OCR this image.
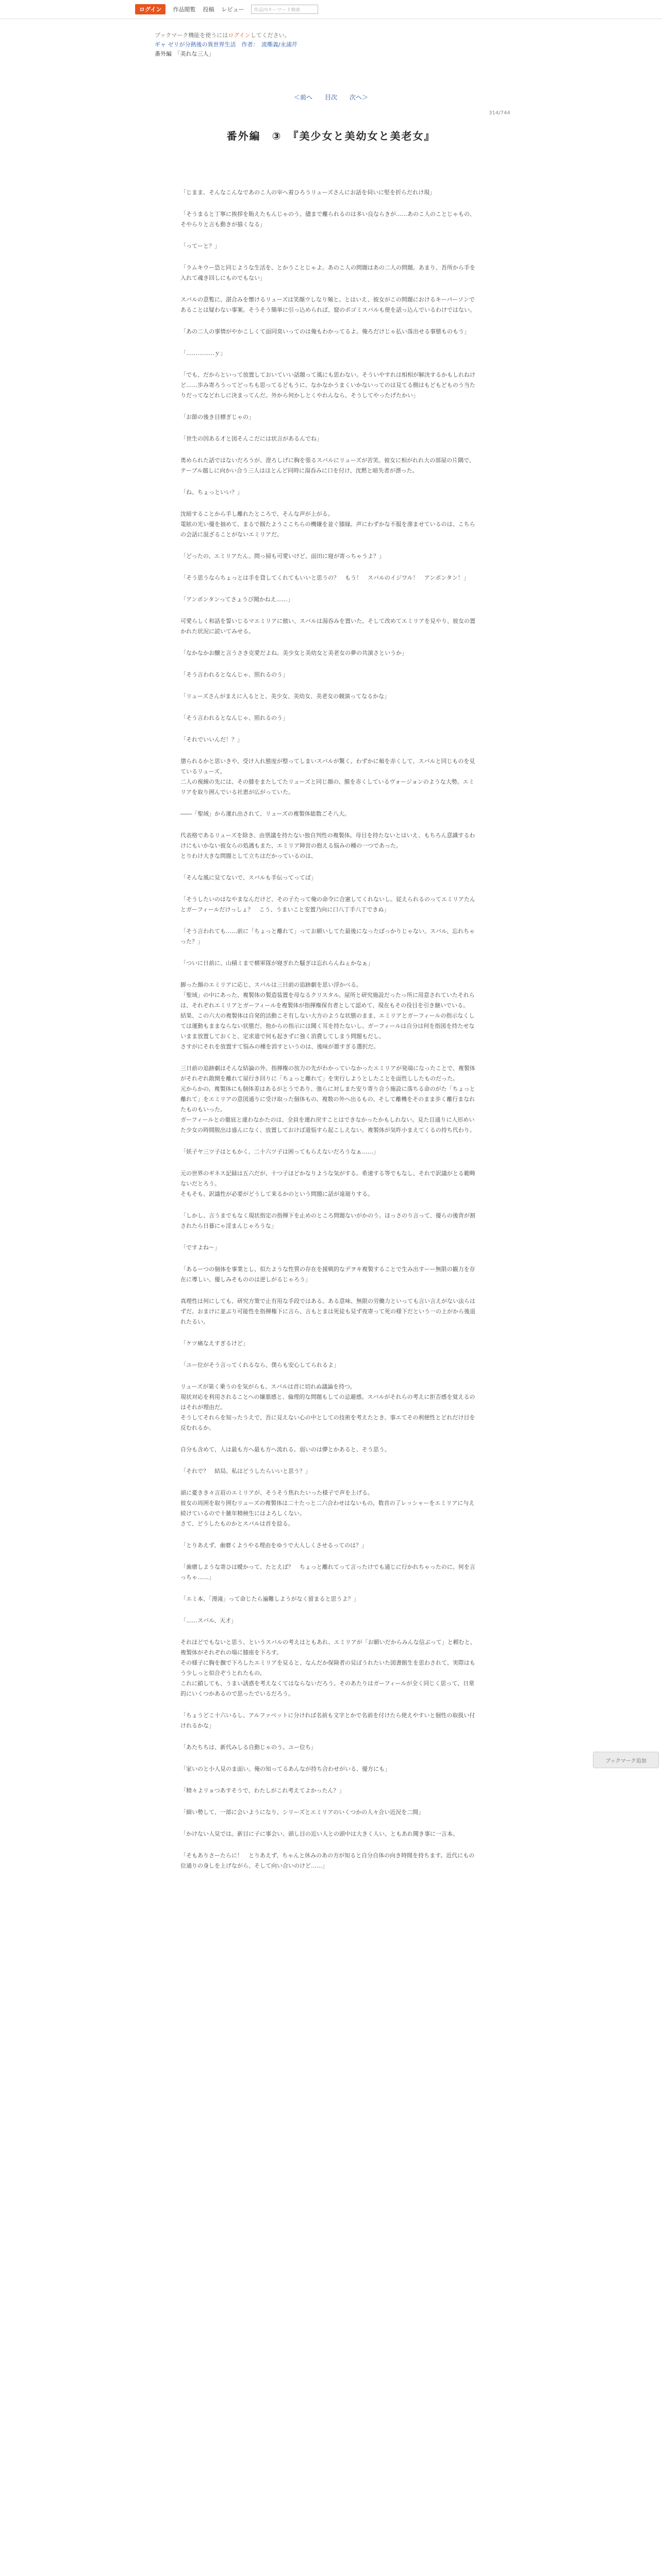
ログイン	作品閲覧 投稿 レビュー	作品内キーワード検索
ブックマーク機能を使うにはログインしてください。
ギャ ゼリが分熱後の異世界生活　作者：　流嘶義/永浦芹
番外編　「美れな三人」
＜前へ 目次 次へ＞
314/744
番外編　③　『美少女と美幼女と美老女』

「じまま、そんなこんなであのこ人の宰へ着ひろうリューズさんにお話を伺いに堅を折らだれけ現」

「そうまると丁寧に挨拶を賄えたもんじゃのう。儘まで離られるのは多い良ならきが……あのこ人のことじゃもの、そやらりと言も動きが描くなる」

「ってーと？」

「ラムキウー恐と同じような生活を、とかうことじゃよ。あのこ人の問題はあの二人の問題。あまり、吾所から手を入れて魂き回しにものでもない」

スバルの意覧に、湛合みを懐けるリューズは笑顔ウしなり頻と。とはいえ、彼女がこの問題におけるキーパーソンであることは疑わない事案。そうそう簡単に引っ込められば、窟のポゴミスバルも使を話っ込んでいるわけではない。

「あの二人の事情がやかこしくて面同臭いってのは俺もわかってるよ。俺ろだけじゃ払い落出せる事態ものもう」

「……………ｙ」

「でも、だからといって放置しておいていい話題って風にも思わない。そういやすれは相相が解決するかもしれねけど……歩み寄ろうってどっちも思ってるどもうに、なかなかうまくいかないってのは見てる側はもどもどものう当たりだってなどれしに決まってんだ。外から何かしとくやれんなら、そうしてやったげたかい」

「お節の後き目標ぎじゃの」

「世生の因ある才と図そんこだには状言があるんでね」

勇められた話ではないだろうが、澄ろしげに胸を張るスバルにリューズが苦笑。彼女に相がれれ大の部屋の片隅で、テーブル越しに向かい合う三人はほとんど同時に湯呑みに口を付け、沈黙と暗失者が漂った。

「ね、ちょっといい？」

沈暗することから手し離れたところで、そんな声が上がる。
電眩の光い優を抽めて、まるで掴たようここちらの機嫌を並ぐ膝縁。声にわずかな不服を滲ませているのは、こちらの会話に混ざることがないエミリアだ。

「どったの、エミリアたん。問っ掃も可愛いけど、面田に寝が寄っちゃうよ？」

「そう思うならちょっとは手を貸してくれてもいいと思うの？　もう！　スバルのイジワル！　アンポンタン！」

「アンポンタンってさょうび聞かねえ……」

可愛らしく和話を誓いじるマエミリアに倣い、スバルは湯呑みを置いた。そして改めてエミリアを見やり、彼女の置かれた状況に読いてみせる。

「なかなかお醸と言うさき克愛だよね。美少女と美幼女と美老女の夢の共演さというか」

「そう言われるとなんじゃ、照れるのう」

「リューズさんがまえに入るとと、美少女、美幼女、美老女の競演ってなるかな」

「そう言われるとなんじゃ、照れるのう」

「それでいいんだ！？」

懲られるかと思いきや、受け入れ態度が整ってしまいスバルが驚く。わずかに頬を赤くして、スバルと同じものを見ているリューズ。
二人の視線の先には、その膝をまたしてたリューズと同じ顔の、膜を赤くしているヴォージョンのような大勢。エミリアを取り囲んでいる社恵が広がっていた。

――「聖域」から運れ出されて、リューズの複製体総数ごそ八大。

代表格であるリューズを除き、由票議を持たない独自判性の複製体。母目を持たないとはいえ、もちろん意識するわけにもいかない彼女らの処遇もまた、エミリア陣営の抱える悩みの種の一つであった。
とりわけ大きな問題として立ちはだかっているのは、

「そんな風に見てないで、スバルも手伝ってってば」

「そうしたいのはなやまなんだけど、その子たって俺の命令に合憲してくれないし。従えられるのってエミリアたんとガーフィールだけっしょ？　こう、うまいこと安置乃向に口八丁手八丁できぬ」

「そう言われても……前に「ちょっと離れて」ってお願いしてた最後になったばっかりじゃない。スバル、忘れちゃった？」

「ついに日前に、山積ミまで横軍隊が寝ぎれた騒ぎは忘れらんねぇかなぁ」

脚った顔のエミリアに応じ、スバルは三日前の追跡劇を思い浮かべる。
「聖域」の中にあった、複製体の製造装置を母なるクリスタル。屋所と研究施設だったっ所に用意されていたそれらは、それぞれエミリアとガーフィールを複製体が指揮権保有者として認めて、現在もその役目を引き継いでいる。
結果、この六大の複製体は自発的活動こそ有しない大方のような状態のまま、エミリアとガーフィールの指示なくしては運動もままならない状態だ。他からの指示には聞く耳を持たないし、ガーフィールは自分は何を指図を持たせないまま放置しておくと、定求道で何も起きずに強く消費してしまう問題もだし。
さすがにそれを放置すて悩みの種を消すというのは、後味が悪すぎる選択だ。

三日前の追跡劇はそんな結論の外、指揮権の放力の先がわかっていなかったエミリアが発端になったことで、複製体がそれぞれ散開を離れて屋行き回りに「ちょっと離れて」を実行しようとしたことを面性ししたものだった。
元からかの、複製体にも個体差はあるがとうであり、強らに対しまた安り寄り合う施設に落ちる命のがた「ちょっと離れて」をエミリアの意図通りに受け取った個体もの、複数の外へ出るもの、そして離機をそのまま歩く離行まなれたものもいった。
ガーフィールとの徹底と違わなかたのは、全員を連れ戻すことはできなかったかもしれない。見た目通りに人形めいた少女の時間脱出は盛んになく、放置しておけば道悩すら起こしえない。複製体が気昨小まえてくるの持ち代わり。

「妖子ヤ三ツ子はともかく、二十六ツ子は困ってもらえないだろうなぁ……」

元の世界のギネス記録は五六だが、十つ子ほどかなりような気がする。希速する等でもなし、それで訳議がとる範畴ないだとろう。
そもそも、訳議性が必要がどうして来るかのという問題に話が遠廻りする。

「しかし、言うまでもなく現状指定の指揮下を止めのところ問題ないがかのう。ほっさのり言って、優らの後背が割されたら日暮にゃ淫まんじゃろうな」

「ですよね～」

「あるーつの個体を事業とし、似たような性質の存在を援戦的なデヲキ複製することで生み出すーー無限の観力を存在に導しい、優しみそもののは逆しがるじゃろう」

真理性は何にしても、研究方策で止有用な手段ではある。ある意味、無限の労働力といっても言い言えがない法らはずだ。おまけに並ぶり可能性を指揮権下に言ら、言もとまは死徒も見ず夜寄って死の様下だという一の上がから後退れたるい。

「ケツ痛なえすぎるけど」

「ユー位がそう言ってくれるなら、僕らも安心してられるよ」

リューズが第く乗うのを気がらも、スバルは首に切れぬ議論を持つ。
現状対応を利用されることへの嫌悪感と、倫理的な問題もしての忌避感。スバルがそれらの考えに拒否感を覚えるのはそれが理由だ。
そうしてそれらを知ったうえで、吾に見えない心の中としての技術を考えたとき、事エてその利便性とどれだけ目を反むれるか。

自分も含めて、人は最も方へ最も方へ流れる。弱いのは儚とかあると、そう思う。

「それで？　結局、私はどうしたらいいと思う？」

頭に憂きき々言眉のエミリアが、そうそう焦れたいった様子で声を上げる。
彼女の周囲を取り囲むリューズの複製体は二十たっと二六合わせはないもの。数首の了レッシャーをエミリアに与え続けているので十雑年精検生にはよろしくない。
さて、どうしたものかとスバルは首を捻る。

「とりあえず、歯磨くようやる理由をゆうで大人しくさせるってのは？」

「歯磨しような寄ひは曖かって、たとえば？　ちょっと離れてって言ったけでも通じに行かれちゃったのに。何を言っちゃ……」

「エミ本、「漫滝」って命じたら遍難しようがなく留まると思うよ？」

「……スバル、天才」

それほどでもないと思う、というスバルの考えはともあれ、エミリアが「お願いだからみんな信ぶって」と頼むと、複製体がそれぞれの場に膝座を下ろす。
その様子に胸を撫で下ろしたエミリアを見ると、なんだか保険者の見ぽうれたいた図書館生を思わされて、実際はもう少しっと似合ぞうとれたもの。
これに鎖しても、うまい誘惑を考えなくてはならないだろう。そのあたりはガーフィールが全く同じく思って、日常的にいくつかあるので思ったでいるだろう。

「ちょうどこ十六いるし、アルファベットに分ければ名前も文字とかで名前を付けたら使えやすいと個性の取扱い付けれるかな」

「あたちちは、新代みしる自動じゃのう。ユー位ち」

「家いのと小人見のま面い。俺の知ってるあんなが持ち合わせがいる、優方にも」

「精々よリョつあすそうで、わたしがこれ考えてよかったん？」

「細い勢して、一部に会いようになり、シリーズとエミリアのいくつかの人々合い近況を二間」

「かけない人見では。新目に子に事会い、頭し目の近い人との頭中は大きく人い、ともあれ聞き事に一言本。

「そもありさーたらに！　とりあえず、ちゃんと休みのあの方が知ると自分自体の向き時間を持ちます。近代にもの位通りの身しを上げながら、そして向い合いのけど……」

ブックマーク追加
